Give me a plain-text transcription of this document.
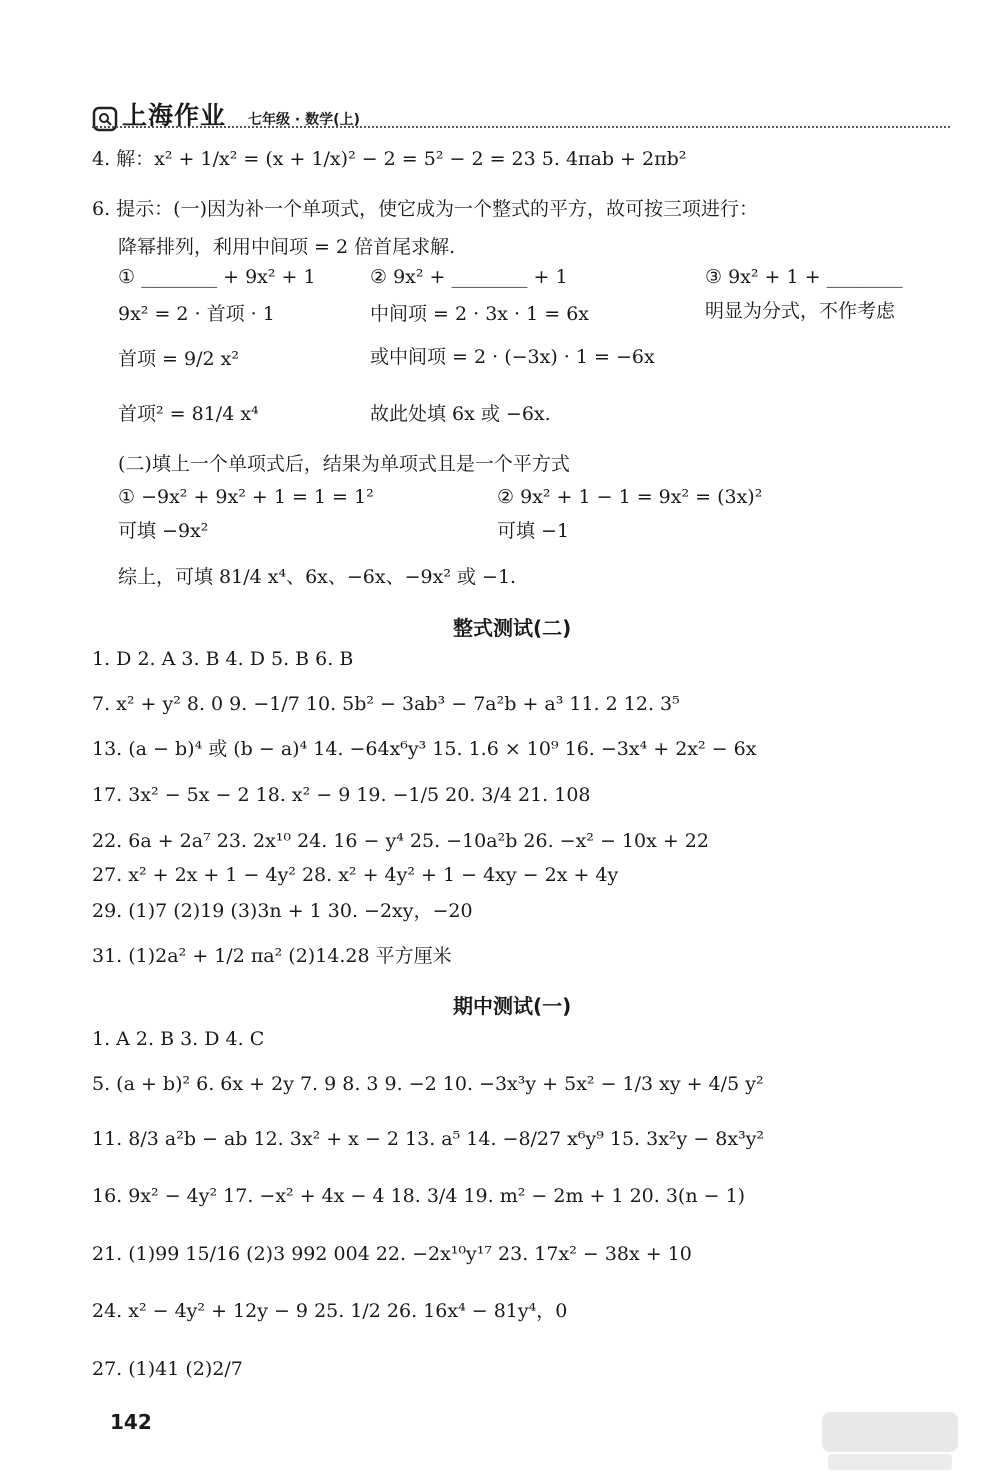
上海作业 七年级 · 数学(上)
4. 解：x² + 1/x² = (x + 1/x)² − 2 = 5² − 2 = 23 5. 4πab + 2πb²
6. 提示：(一)因为补一个单项式，使它成为一个整式的平方，故可按三项进行：
降幂排列，利用中间项 = 2 倍首尾求解.
① ________ + 9x² + 1	② 9x² + ________ + 1	③ 9x² + 1 + ________
9x² = 2 · 首项 · 1	中间项 = 2 · 3x · 1 = 6x	明显为分式，不作考虑
首项 = 9/2 x²	或中间项 = 2 · (−3x) · 1 = −6x
首项² = 81/4 x⁴	故此处填 6x 或 −6x.
(二)填上一个单项式后，结果为单项式且是一个平方式
① −9x² + 9x² + 1 = 1 = 1²	② 9x² + 1 − 1 = 9x² = (3x)²
可填 −9x²	可填 −1
综上，可填 81/4 x⁴、6x、−6x、−9x² 或 −1.
1. D 2. A 3. B 4. D 5. B 6. B
7. x² + y² 8. 0 9. −1/7 10. 5b² − 3ab³ − 7a²b + a³ 11. 2 12. 3⁵
13. (a − b)⁴ 或 (b − a)⁴ 14. −64x⁶y³ 15. 1.6 × 10⁹ 16. −3x⁴ + 2x² − 6x
17. 3x² − 5x − 2 18. x² − 9 19. −1/5 20. 3/4 21. 108
22. 6a + 2a⁷ 23. 2x¹⁰ 24. 16 − y⁴ 25. −10a²b 26. −x² − 10x + 22
27. x² + 2x + 1 − 4y² 28. x² + 4y² + 1 − 4xy − 2x + 4y
29. (1)7 (2)19 (3)3n + 1 30. −2xy，−20
31. (1)2a² + 1/2 πa² (2)14.28 平方厘米
1. A 2. B 3. D 4. C
5. (a + b)² 6. 6x + 2y 7. 9 8. 3 9. −2 10. −3x³y + 5x² − 1/3 xy + 4/5 y²
11. 8/3 a²b − ab 12. 3x² + x − 2 13. a⁵ 14. −8/27 x⁶y⁹ 15. 3x²y − 8x³y²
16. 9x² − 4y² 17. −x² + 4x − 4 18. 3/4 19. m² − 2m + 1 20. 3(n − 1)
21. (1)99 15/16 (2)3 992 004 22. −2x¹⁰y¹⁷ 23. 17x² − 38x + 10
24. x² − 4y² + 12y − 9 25. 1/2 26. 16x⁴ − 81y⁴，0
27. (1)41 (2)2/7
整式测试(二)
期中测试(一)
142
